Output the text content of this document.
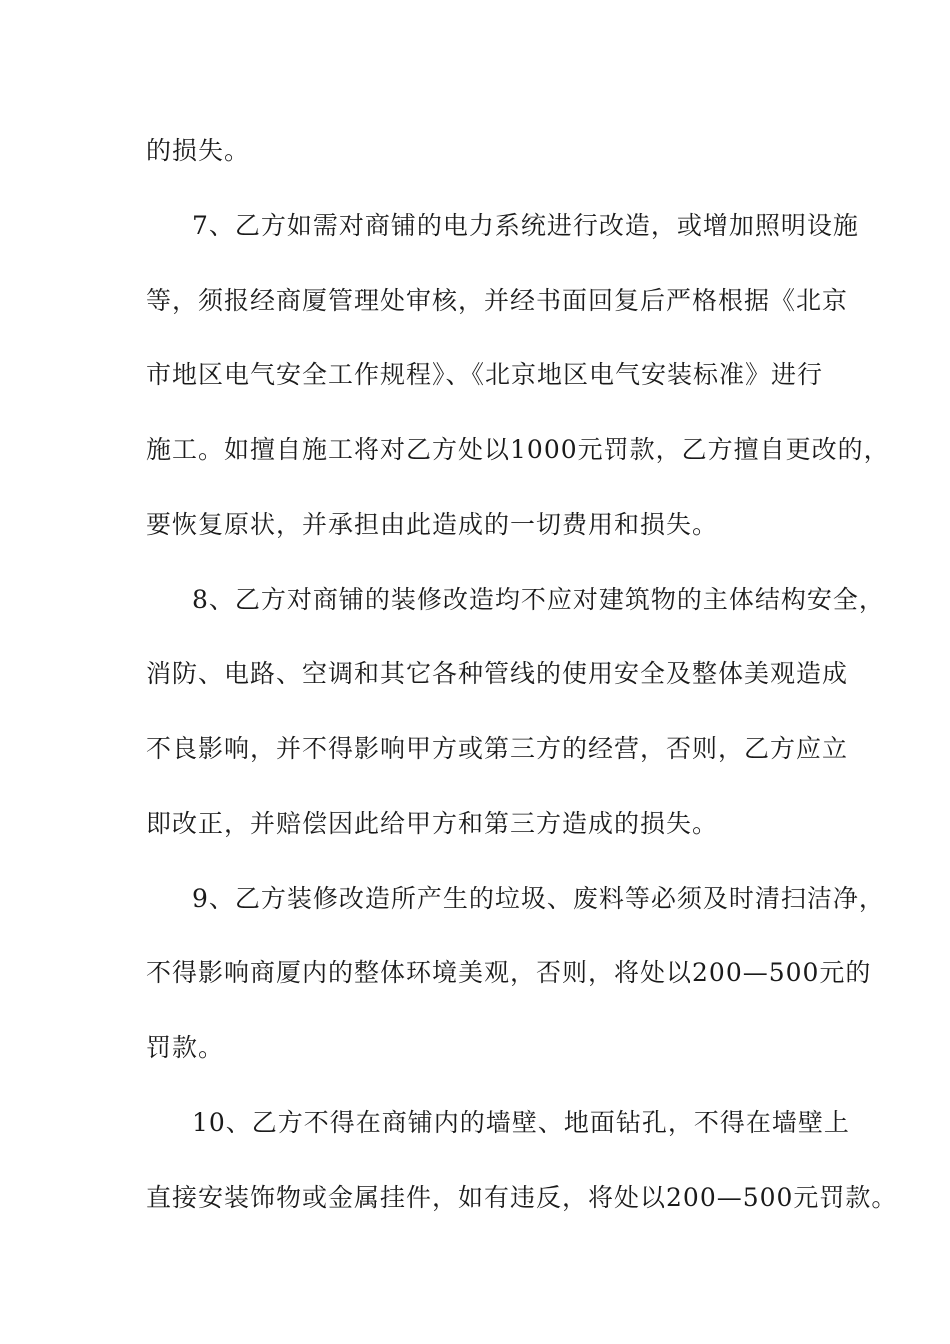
的损失。
7、乙方如需对商铺的电力系统进行改造，或增加照明设施
等，须报经商厦管理处审核，并经书面回复后严格根据《北京
市地区电气安全工作规程》、《北京地区电气安装标准》进行
施工。如擅自施工将对乙方处以1000元罚款，乙方擅自更改的，
要恢复原状，并承担由此造成的一切费用和损失。
8、乙方对商铺的装修改造均不应对建筑物的主体结构安全，
消防、电路、空调和其它各种管线的使用安全及整体美观造成
不良影响，并不得影响甲方或第三方的经营，否则，乙方应立
即改正，并赔偿因此给甲方和第三方造成的损失。
9、乙方装修改造所产生的垃圾、废料等必须及时清扫洁净，
不得影响商厦内的整体环境美观，否则，将处以200—500元的
罚款。
10、乙方不得在商铺内的墙壁、地面钻孔，不得在墙壁上
直接安装饰物或金属挂件，如有违反，将处以200—500元罚款。
